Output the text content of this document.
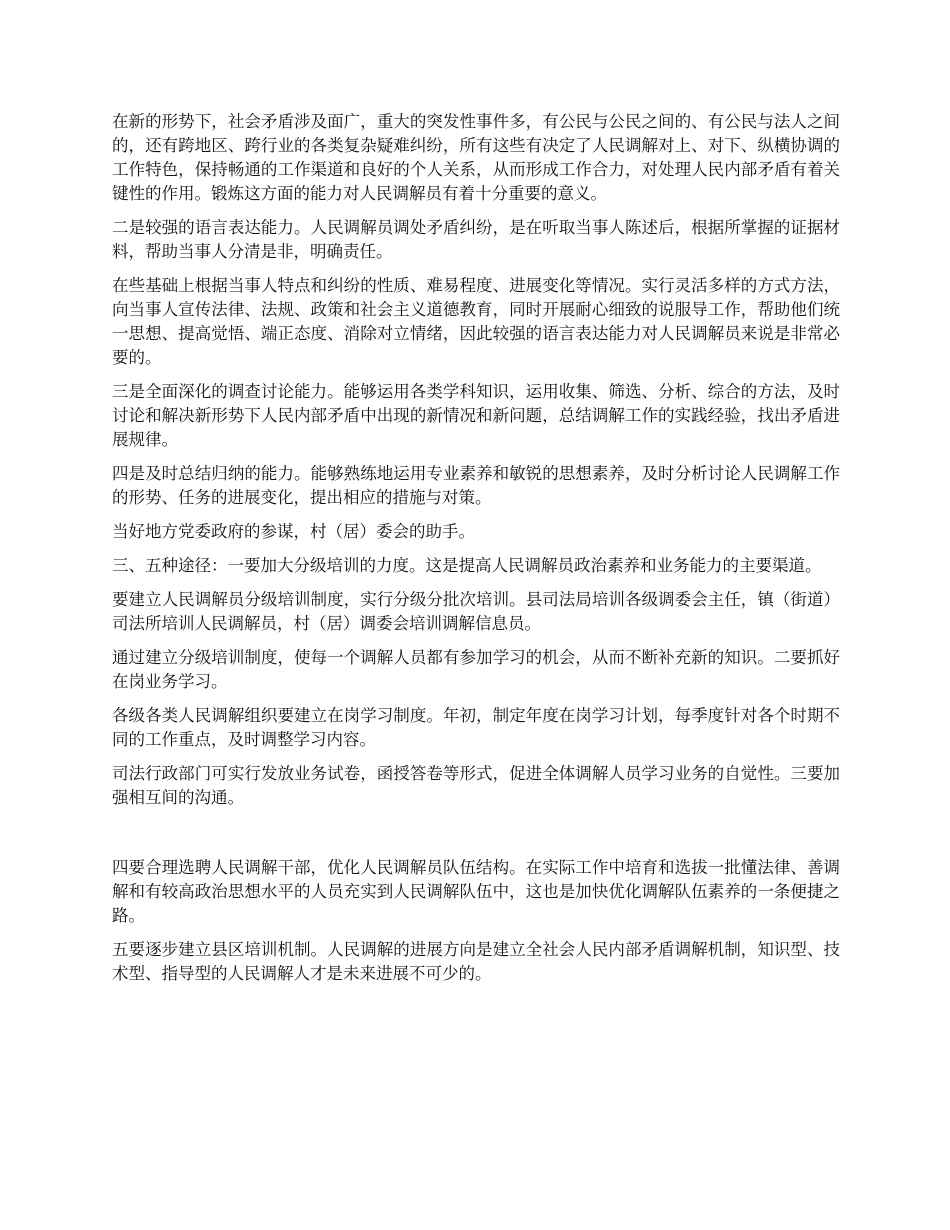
在新的形势下，社会矛盾涉及面广，重大的突发性事件多，有公民与公民之间的、有公民与法人之间的，还有跨地区、跨行业的各类复杂疑难纠纷，所有这些有决定了人民调解对上、对下、纵横协调的工作特色，保持畅通的工作渠道和良好的个人关系，从而形成工作合力，对处理人民内部矛盾有着关键性的作用。锻炼这方面的能力对人民调解员有着十分重要的意义。

二是较强的语言表达能力。人民调解员调处矛盾纠纷，是在听取当事人陈述后，根据所掌握的证据材料，帮助当事人分清是非，明确责任。

在些基础上根据当事人特点和纠纷的性质、难易程度、进展变化等情况。实行灵活多样的方式方法，向当事人宣传法律、法规、政策和社会主义道德教育，同时开展耐心细致的说服导工作，帮助他们统一思想、提高觉悟、端正态度、消除对立情绪，因此较强的语言表达能力对人民调解员来说是非常必要的。

三是全面深化的调查讨论能力。能够运用各类学科知识，运用收集、筛选、分析、综合的方法，及时讨论和解决新形势下人民内部矛盾中出现的新情况和新问题，总结调解工作的实践经验，找出矛盾进展规律。

四是及时总结归纳的能力。能够熟练地运用专业素养和敏锐的思想素养，及时分析讨论人民调解工作的形势、任务的进展变化，提出相应的措施与对策。

当好地方党委政府的参谋，村（居）委会的助手。

三、五种途径：一要加大分级培训的力度。这是提高人民调解员政治素养和业务能力的主要渠道。

要建立人民调解员分级培训制度，实行分级分批次培训。县司法局培训各级调委会主任，镇（街道）司法所培训人民调解员，村（居）调委会培训调解信息员。

通过建立分级培训制度，使每一个调解人员都有参加学习的机会，从而不断补充新的知识。二要抓好在岗业务学习。

各级各类人民调解组织要建立在岗学习制度。年初，制定年度在岗学习计划，每季度针对各个时期不同的工作重点，及时调整学习内容。

司法行政部门可实行发放业务试卷，函授答卷等形式，促进全体调解人员学习业务的自觉性。三要加强相互间的沟通。

四要合理选聘人民调解干部，优化人民调解员队伍结构。在实际工作中培育和选拔一批懂法律、善调解和有较高政治思想水平的人员充实到人民调解队伍中，这也是加快优化调解队伍素养的一条便捷之路。

五要逐步建立县区培训机制。人民调解的进展方向是建立全社会人民内部矛盾调解机制，知识型、技术型、指导型的人民调解人才是未来进展不可少的。
